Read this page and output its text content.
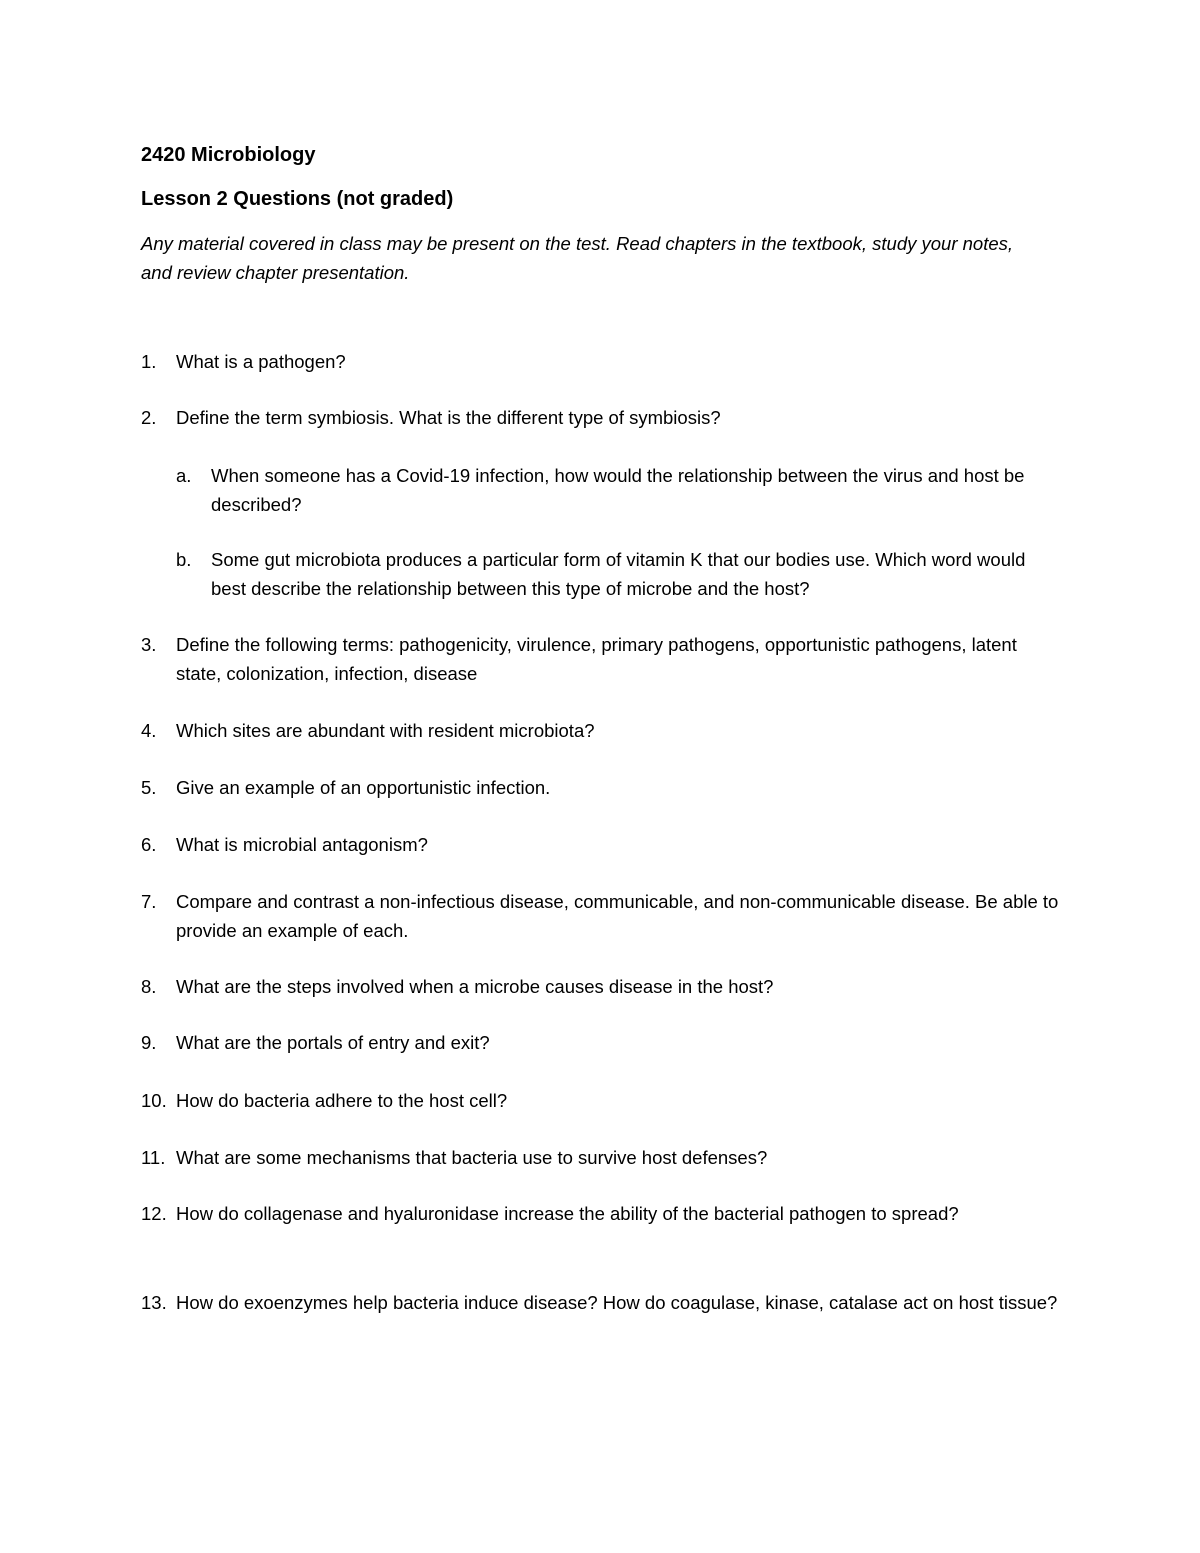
2420 Microbiology
Lesson 2 Questions (not graded)
Any material covered in class may be present on the test. Read chapters in the textbook, study your notes, and review chapter presentation.
1. What is a pathogen?
2. Define the term symbiosis. What is the different type of symbiosis?
a. When someone has a Covid-19 infection, how would the relationship between the virus and host be described?
b. Some gut microbiota produces a particular form of vitamin K that our bodies use. Which word would best describe the relationship between this type of microbe and the host?
3. Define the following terms: pathogenicity, virulence, primary pathogens, opportunistic pathogens, latent state, colonization, infection, disease
4. Which sites are abundant with resident microbiota?
5. Give an example of an opportunistic infection.
6. What is microbial antagonism?
7. Compare and contrast a non-infectious disease, communicable, and non-communicable disease. Be able to provide an example of each.
8. What are the steps involved when a microbe causes disease in the host?
9. What are the portals of entry and exit?
10. How do bacteria adhere to the host cell?
11. What are some mechanisms that bacteria use to survive host defenses?
12. How do collagenase and hyaluronidase increase the ability of the bacterial pathogen to spread?
13. How do exoenzymes help bacteria induce disease? How do coagulase, kinase, catalase act on host tissue?
